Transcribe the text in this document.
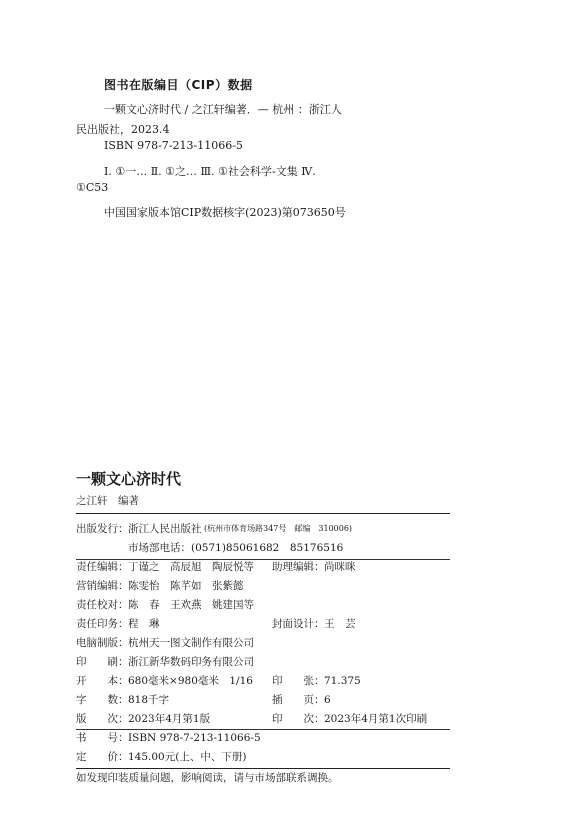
图书在版编目（CIP）数据
一颗文心济时代 / 之江轩编著．— 杭州 ：浙江人
民出版社，2023.4
ISBN 978-7-213-11066-5
Ⅰ. ①一… Ⅱ. ①之… Ⅲ. ①社会科学-文集 Ⅳ.
①C53
中国国家版本馆CIP数据核字(2023)第073650号
一颗文心济时代
之江轩　编著
出版发行： 浙江人民出版社 (杭州市体育场路347号　邮编　310006)
市场部电话： (0571)85061682　85176516
责任编辑： 丁谨之　高辰旭　陶辰悦等 助理编辑： 尚咪咪
营销编辑： 陈雯怡　陈芊如　张紫懿
责任校对： 陈　春　王欢燕　姚建国等
责任印务： 程　琳	封面设计： 王　芸
电脑制版： 杭州天一图文制作有限公司
印　　刷： 浙江新华数码印务有限公司
开　　本： 680毫米×980毫米　1/16 印　　张： 71.375
字　　数： 818千字	插　　页： 6
版　　次： 2023年4月第1版	印　　次： 2023年4月第1次印刷
书　　号： ISBN 978-7-213-11066-5
定　　价： 145.00元(上、中、下册)
如发现印装质量问题，影响阅读，请与市场部联系调换。
